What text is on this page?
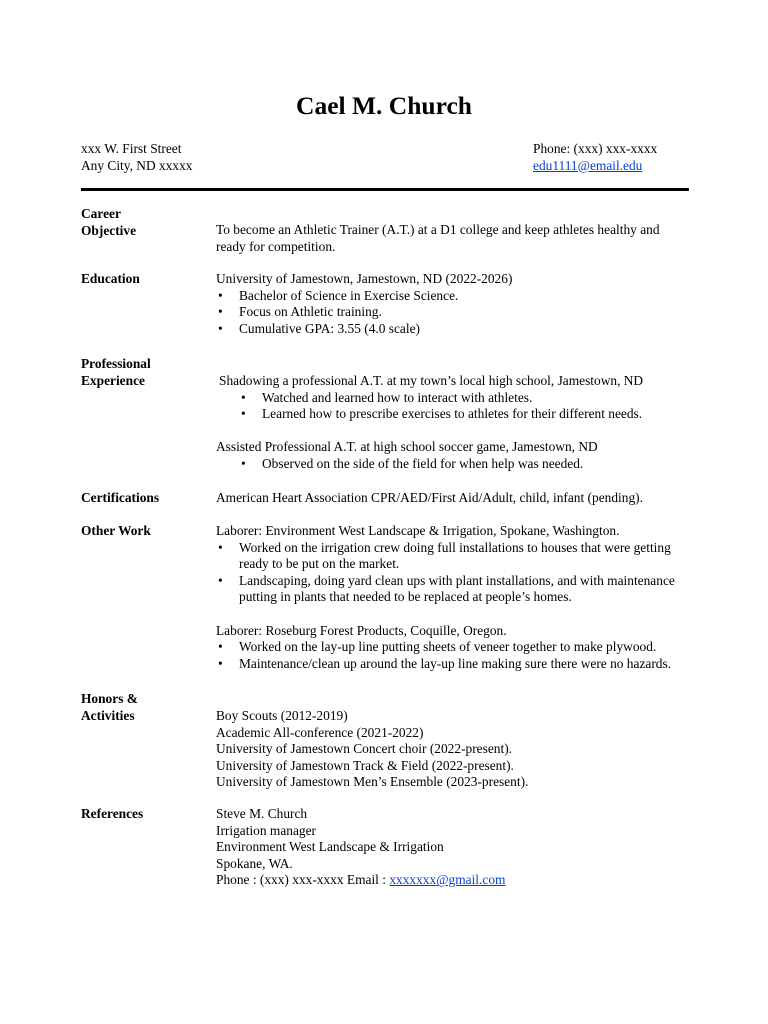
Cael M. Church
xxx W. First Street
Any City, ND xxxxx
Phone: (xxx) xxx-xxxx
edu1111@email.edu
Career
Objective	To become an Athletic Trainer (A.T.) at a D1 college and keep athletes healthy and ready for competition.
Education	University of Jamestown, Jamestown, ND (2022-2026)
• Bachelor of Science in Exercise Science.
• Focus on Athletic training.
• Cumulative GPA: 3.55 (4.0 scale)
Professional
Experience	Shadowing a professional A.T. at my town’s local high school, Jamestown, ND
• Watched and learned how to interact with athletes.
• Learned how to prescribe exercises to athletes for their different needs.
Assisted Professional A.T. at high school soccer game, Jamestown, ND
• Observed on the side of the field for when help was needed.
Certifications	American Heart Association CPR/AED/First Aid/Adult, child, infant (pending).
Other Work	Laborer: Environment West Landscape & Irrigation, Spokane, Washington.
• Worked on the irrigation crew doing full installations to houses that were getting ready to be put on the market.
• Landscaping, doing yard clean ups with plant installations, and with maintenance putting in plants that needed to be replaced at people’s homes.
Laborer: Roseburg Forest Products, Coquille, Oregon.
• Worked on the lay-up line putting sheets of veneer together to make plywood.
• Maintenance/clean up around the lay-up line making sure there were no hazards.
Honors &
Activities	Boy Scouts (2012-2019)
Academic All-conference (2021-2022)
University of Jamestown Concert choir (2022-present).
University of Jamestown Track & Field (2022-present).
University of Jamestown Men’s Ensemble (2023-present).
References	Steve M. Church
Irrigation manager
Environment West Landscape & Irrigation
Spokane, WA.
Phone : (xxx) xxx-xxxx Email : xxxxxxx@gmail.com
